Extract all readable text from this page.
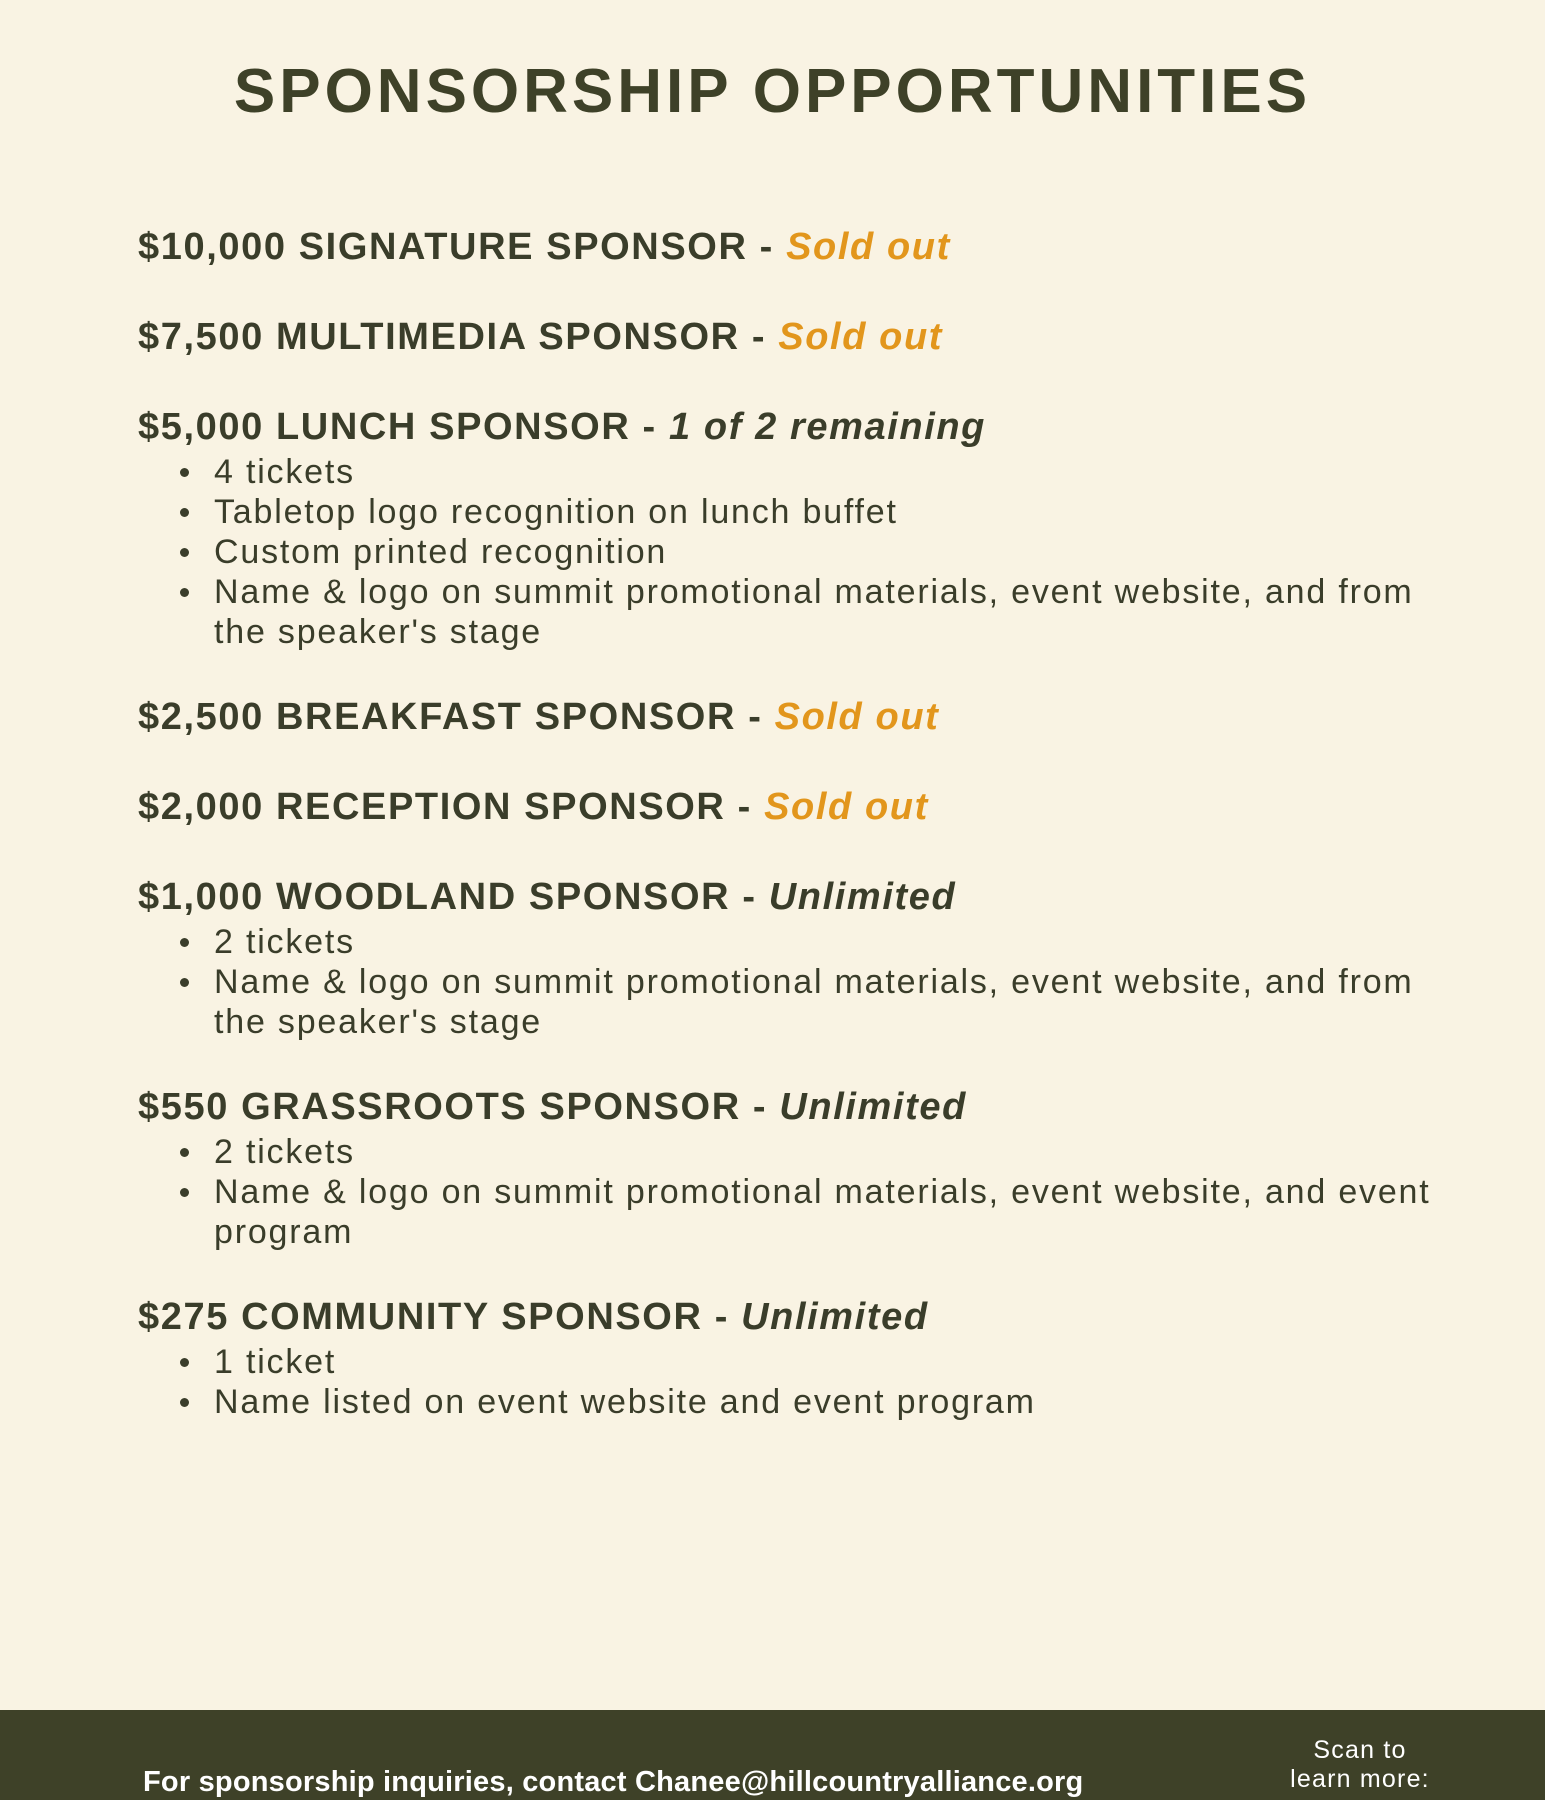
SPONSORSHIP OPPORTUNITIES
$10,000 SIGNATURE SPONSOR - Sold out
$7,500 MULTIMEDIA SPONSOR - Sold out
$5,000 LUNCH SPONSOR - 1 of 2 remaining
4 tickets
Tabletop logo recognition on lunch buffet
Custom printed recognition
Name & logo on summit promotional materials, event website, and from the speaker's stage
$2,500 BREAKFAST SPONSOR - Sold out
$2,000 RECEPTION SPONSOR - Sold out
$1,000 WOODLAND SPONSOR - Unlimited
2 tickets
Name & logo on summit promotional materials, event website, and from the speaker's stage
$550 GRASSROOTS SPONSOR - Unlimited
2 tickets
Name & logo on summit promotional materials, event website, and event program
$275 COMMUNITY SPONSOR - Unlimited
1 ticket
Name listed on event website and event program
For sponsorship inquiries, contact Chanee@hillcountryalliance.org
Scan to
learn more:
